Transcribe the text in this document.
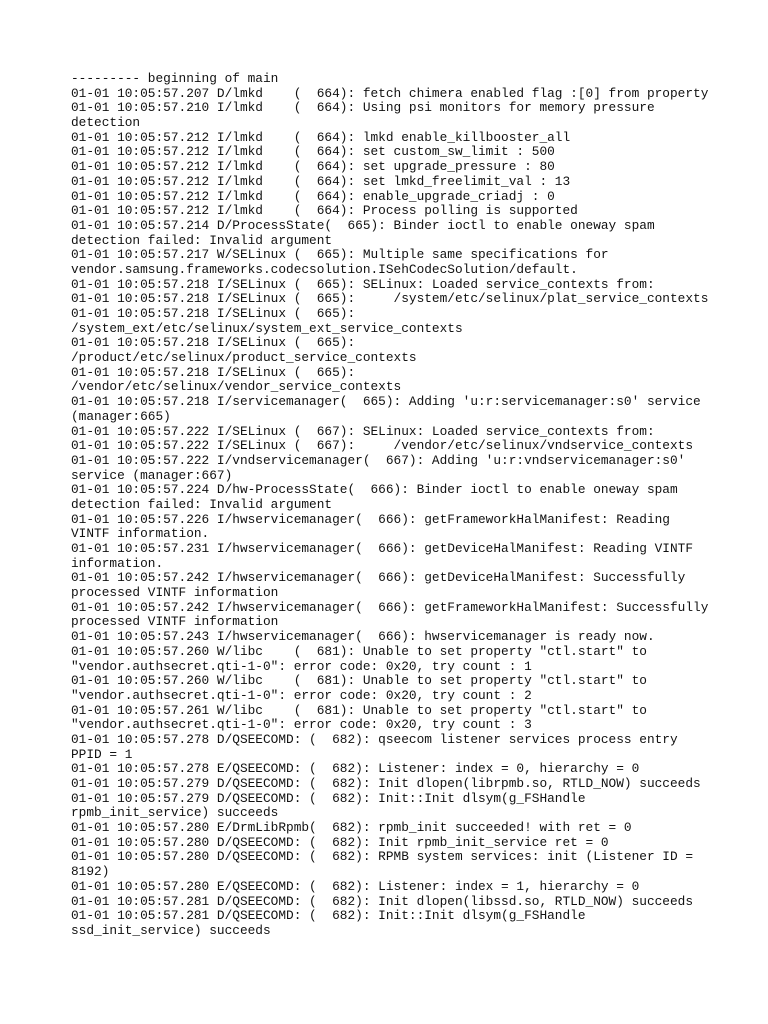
--------- beginning of main
01-01 10:05:57.207 D/lmkd    (  664): fetch chimera enabled flag :[0] from property
01-01 10:05:57.210 I/lmkd    (  664): Using psi monitors for memory pressure
detection
01-01 10:05:57.212 I/lmkd    (  664): lmkd enable_killbooster_all
01-01 10:05:57.212 I/lmkd    (  664): set custom_sw_limit : 500
01-01 10:05:57.212 I/lmkd    (  664): set upgrade_pressure : 80
01-01 10:05:57.212 I/lmkd    (  664): set lmkd_freelimit_val : 13
01-01 10:05:57.212 I/lmkd    (  664): enable_upgrade_criadj : 0
01-01 10:05:57.212 I/lmkd    (  664): Process polling is supported
01-01 10:05:57.214 D/ProcessState(  665): Binder ioctl to enable oneway spam
detection failed: Invalid argument
01-01 10:05:57.217 W/SELinux (  665): Multiple same specifications for
vendor.samsung.frameworks.codecsolution.ISehCodecSolution/default.
01-01 10:05:57.218 I/SELinux (  665): SELinux: Loaded service_contexts from:
01-01 10:05:57.218 I/SELinux (  665):     /system/etc/selinux/plat_service_contexts
01-01 10:05:57.218 I/SELinux (  665):
/system_ext/etc/selinux/system_ext_service_contexts
01-01 10:05:57.218 I/SELinux (  665):
/product/etc/selinux/product_service_contexts
01-01 10:05:57.218 I/SELinux (  665):
/vendor/etc/selinux/vendor_service_contexts
01-01 10:05:57.218 I/servicemanager(  665): Adding 'u:r:servicemanager:s0' service
(manager:665)
01-01 10:05:57.222 I/SELinux (  667): SELinux: Loaded service_contexts from:
01-01 10:05:57.222 I/SELinux (  667):     /vendor/etc/selinux/vndservice_contexts
01-01 10:05:57.222 I/vndservicemanager(  667): Adding 'u:r:vndservicemanager:s0'
service (manager:667)
01-01 10:05:57.224 D/hw-ProcessState(  666): Binder ioctl to enable oneway spam
detection failed: Invalid argument
01-01 10:05:57.226 I/hwservicemanager(  666): getFrameworkHalManifest: Reading
VINTF information.
01-01 10:05:57.231 I/hwservicemanager(  666): getDeviceHalManifest: Reading VINTF
information.
01-01 10:05:57.242 I/hwservicemanager(  666): getDeviceHalManifest: Successfully
processed VINTF information
01-01 10:05:57.242 I/hwservicemanager(  666): getFrameworkHalManifest: Successfully
processed VINTF information
01-01 10:05:57.243 I/hwservicemanager(  666): hwservicemanager is ready now.
01-01 10:05:57.260 W/libc    (  681): Unable to set property "ctl.start" to
"vendor.authsecret.qti-1-0": error code: 0x20, try count : 1
01-01 10:05:57.260 W/libc    (  681): Unable to set property "ctl.start" to
"vendor.authsecret.qti-1-0": error code: 0x20, try count : 2
01-01 10:05:57.261 W/libc    (  681): Unable to set property "ctl.start" to
"vendor.authsecret.qti-1-0": error code: 0x20, try count : 3
01-01 10:05:57.278 D/QSEECOMD: (  682): qseecom listener services process entry
PPID = 1
01-01 10:05:57.278 E/QSEECOMD: (  682): Listener: index = 0, hierarchy = 0
01-01 10:05:57.279 D/QSEECOMD: (  682): Init dlopen(librpmb.so, RTLD_NOW) succeeds
01-01 10:05:57.279 D/QSEECOMD: (  682): Init::Init dlsym(g_FSHandle
rpmb_init_service) succeeds
01-01 10:05:57.280 E/DrmLibRpmb(  682): rpmb_init succeeded! with ret = 0
01-01 10:05:57.280 D/QSEECOMD: (  682): Init rpmb_init_service ret = 0
01-01 10:05:57.280 D/QSEECOMD: (  682): RPMB system services: init (Listener ID =
8192)
01-01 10:05:57.280 E/QSEECOMD: (  682): Listener: index = 1, hierarchy = 0
01-01 10:05:57.281 D/QSEECOMD: (  682): Init dlopen(libssd.so, RTLD_NOW) succeeds
01-01 10:05:57.281 D/QSEECOMD: (  682): Init::Init dlsym(g_FSHandle
ssd_init_service) succeeds
